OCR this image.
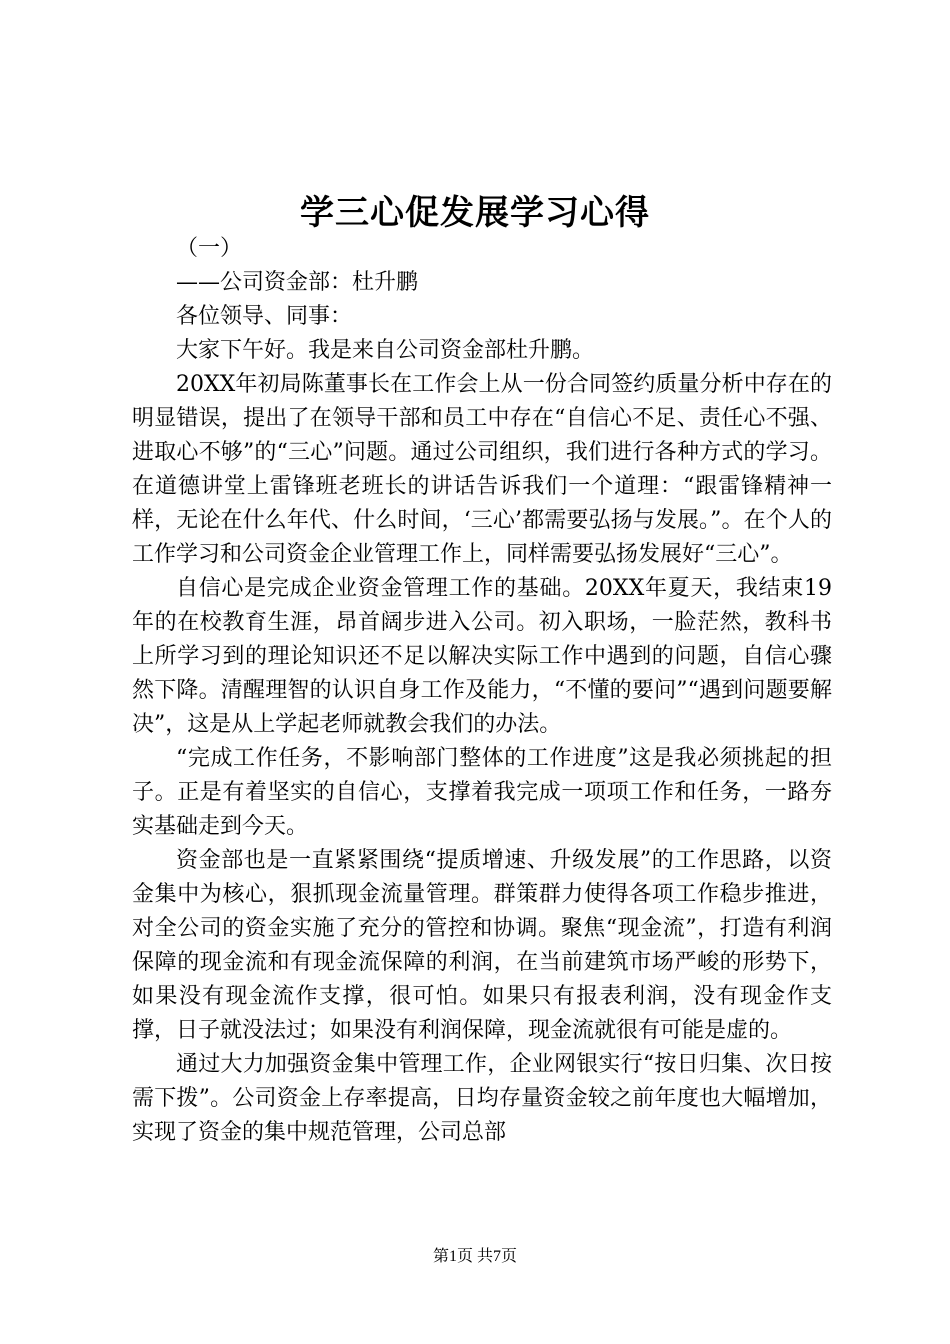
学三心促发展学习心得

（一）

——公司资金部：杜升鹏

各位领导、同事：

大家下午好。我是来自公司资金部杜升鹏。

20XX年初局陈董事长在工作会上从一份合同签约质量分析中存在的明显错误，提出了在领导干部和员工中存在“自信心不足、责任心不强、进取心不够”的“三心”问题。通过公司组织，我们进行各种方式的学习。在道德讲堂上雷锋班老班长的讲话告诉我们一个道理：“跟雷锋精神一样，无论在什么年代、什么时间，‘三心’都需要弘扬与发展。”。在个人的工作学习和公司资金企业管理工作上，同样需要弘扬发展好“三心”。

自信心是完成企业资金管理工作的基础。20XX年夏天，我结束19年的在校教育生涯，昂首阔步进入公司。初入职场，一脸茫然，教科书上所学习到的理论知识还不足以解决实际工作中遇到的问题，自信心骤然下降。清醒理智的认识自身工作及能力，“不懂的要问”“遇到问题要解决”，这是从上学起老师就教会我们的办法。

“完成工作任务，不影响部门整体的工作进度”这是我必须挑起的担子。正是有着坚实的自信心，支撑着我完成一项项工作和任务，一路夯实基础走到今天。

资金部也是一直紧紧围绕“提质增速、升级发展”的工作思路，以资金集中为核心，狠抓现金流量管理。群策群力使得各项工作稳步推进，对全公司的资金实施了充分的管控和协调。聚焦“现金流”，打造有利润保障的现金流和有现金流保障的利润，在当前建筑市场严峻的形势下，如果没有现金流作支撑，很可怕。如果只有报表利润，没有现金作支撑，日子就没法过；如果没有利润保障，现金流就很有可能是虚的。

通过大力加强资金集中管理工作，企业网银实行“按日归集、次日按需下拨”。公司资金上存率提高，日均存量资金较之前年度也大幅增加，实现了资金的集中规范管理，公司总部

第1页 共7页
